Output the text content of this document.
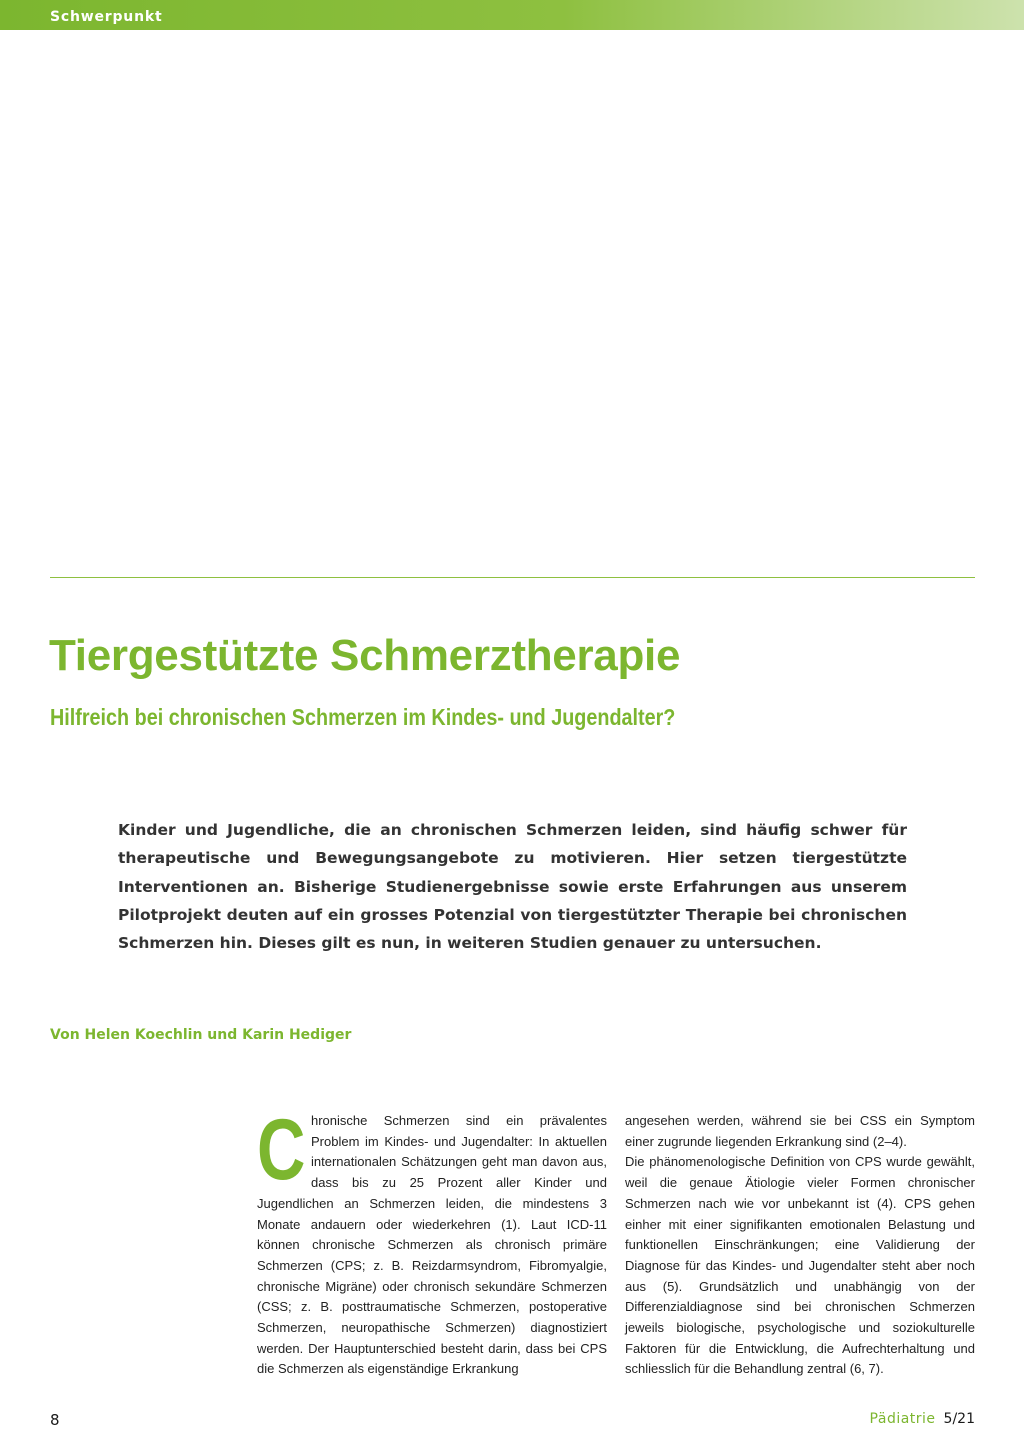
Schwerpunkt
Tiergestützte Schmerztherapie
Hilfreich bei chronischen Schmerzen im Kindes- und Jugendalter?

Kinder und Jugendliche, die an chronischen Schmerzen leiden, sind häufig schwer für therapeutische und Bewegungsangebote zu motivieren. Hier setzen tiergestützte Interventionen an. Bisherige Studienergebnisse sowie erste Erfahrungen aus unserem Pilotprojekt deuten auf ein grosses Potenzial von tiergestützter Therapie bei chronischen Schmerzen hin. Dieses gilt es nun, in weiteren Studien genauer zu untersuchen.

Von Helen Koechlin und Karin Hediger

C hronische Schmerzen sind ein prävalentes Problem im Kindes- und Jugendalter: In aktuellen internationalen Schätzungen geht man davon aus, dass bis zu 25 Prozent aller Kinder und Jugendlichen an Schmerzen leiden, die mindestens 3 Monate andauern oder wiederkehren (1). Laut ICD-11 können chronische Schmerzen als chronisch primäre Schmerzen (CPS; z. B. Reizdarmsyndrom, Fibromyalgie, chronische Migräne) oder chronisch sekundäre Schmerzen (CSS; z. B. posttraumatische Schmerzen, postoperative Schmerzen, neuropathische Schmerzen) diagnostiziert werden. Der Hauptunterschied besteht darin, dass bei CPS die Schmerzen als eigenständige Erkrankung

angesehen werden, während sie bei CSS ein Symptom einer zugrunde liegenden Erkrankung sind (2–4).

Die phänomenologische Definition von CPS wurde gewählt, weil die genaue Ätiologie vieler Formen chronischer Schmerzen nach wie vor unbekannt ist (4). CPS gehen einher mit einer signifikanten emotionalen Belastung und funktionellen Einschränkungen; eine Validierung der Diagnose für das Kindes- und Jugendalter steht aber noch aus (5). Grundsätzlich und unabhängig von der Differenzialdiagnose sind bei chronischen Schmerzen jeweils biologische, psychologische und soziokulturelle Faktoren für die Entwicklung, die Aufrechterhaltung und schliesslich für die Behandlung zentral (6, 7).

8	Pädiatrie 5/21
